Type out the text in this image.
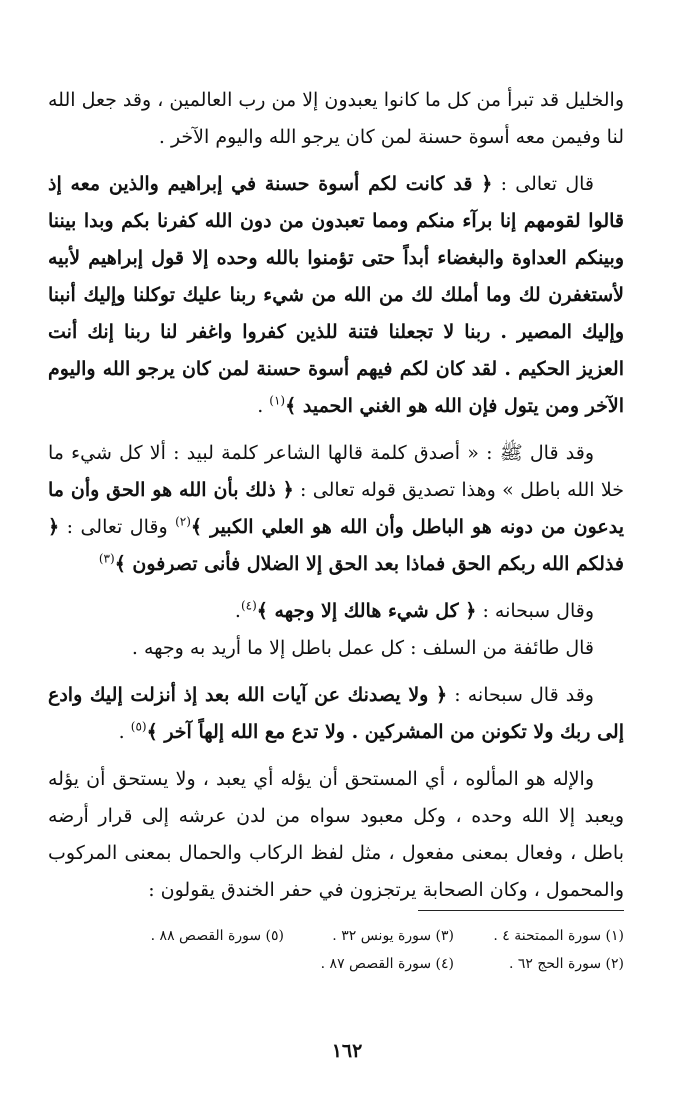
والخليل قد تبرأ من كل ما كانوا يعبدون إلا من رب العالمين ، وقد جعل الله لنا وفيمن معه أسوة حسنة لمن كان يرجو الله واليوم الآخر .

قال تعالى : ﴿ قد كانت لكم أسوة حسنة في إبراهيم والذين معه إذ قالوا لقومهم إنا برآء منكم ومما تعبدون من دون الله كفرنا بكم وبدا بيننا وبينكم العداوة والبغضاء أبداً حتى تؤمنوا بالله وحده إلا قول إبراهيم لأبيه لأستغفرن لك وما أملك لك من الله من شيء ربنا عليك توكلنا وإليك أنبنا وإليك المصير . ربنا لا تجعلنا فتنة للذين كفروا واغفر لنا ربنا إنك أنت العزيز الحكيم . لقد كان لكم فيهم أسوة حسنة لمن كان يرجو الله واليوم الآخر ومن يتول فإن الله هو الغني الحميد ﴾$^{(١)}$ .

وقد قال ﷺ : « أصدق كلمة قالها الشاعر كلمة لبيد : ألا كل شيء ما خلا الله باطل » وهذا تصديق قوله تعالى : ﴿ ذلك بأن الله هو الحق وأن ما يدعون من دونه هو الباطل وأن الله هو العلي الكبير ﴾$^{(٢)}$ وقال تعالى : ﴿ فذلكم الله ربكم الحق فماذا بعد الحق إلا الضلال فأنى تصرفون ﴾$^{(٣)}$

وقال سبحانه : ﴿ كل شيء هالك إلا وجهه ﴾$^{(٤)}$.

قال طائفة من السلف : كل عمل باطل إلا ما أريد به وجهه .

وقد قال سبحانه : ﴿ ولا يصدنك عن آيات الله بعد إذ أنزلت إليك وادع إلى ربك ولا تكونن من المشركين . ولا تدع مع الله إلهاً آخر ﴾$^{(٥)}$ .

والإله هو المألوه ، أي المستحق أن يؤله أي يعبد ، ولا يستحق أن يؤله ويعبد إلا الله وحده ، وكل معبود سواه من لدن عرشه إلى قرار أرضه باطل ، وفعال بمعنى مفعول ، مثل لفظ الركاب والحمال بمعنى المركوب والمحمول ، وكان الصحابة يرتجزون في حفر الخندق يقولون :

(١) سورة الممتحنة ٤ .
(٣) سورة يونس ٣٢ .
(٥) سورة القصص ٨٨ .
(٢) سورة الحج ٦٢ .
(٤) سورة القصص ٨٧ .
١٦٢
